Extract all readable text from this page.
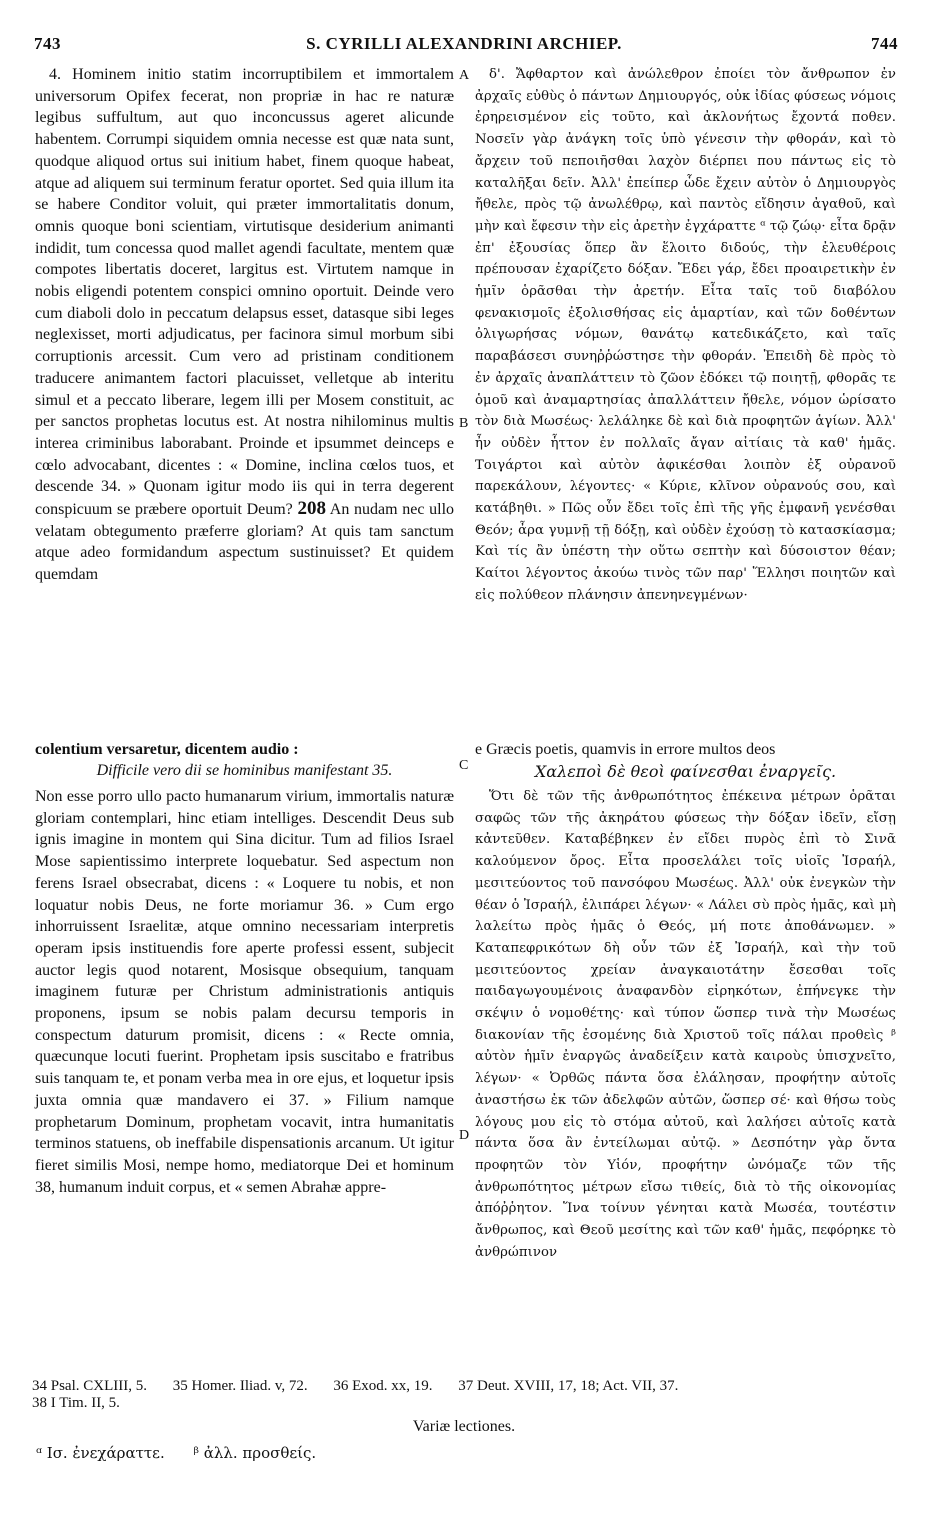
743	S. CYRILLI ALEXANDRINI ARCHIEP.	744
A
B
C
D

4. Hominem initio statim incorruptibilem et immortalem universorum Opifex fecerat, non propriæ in hac re naturæ legibus suffultum, aut quo inconcussus ageret alicunde habentem. Corrumpi siquidem omnia necesse est quæ nata sunt, quodque aliquod ortus sui initium habet, finem quoque habeat, atque ad aliquem sui terminum feratur oportet. Sed quia illum ita se habere Conditor voluit, qui præter immortalitatis donum, omnis quoque boni scientiam, virtutisque desiderium animanti indidit, tum concessa quod mallet agendi facultate, mentem quæ compotes libertatis doceret, largitus est. Virtutem namque in nobis eligendi potentem conspici omnino oportuit. Deinde vero cum diaboli dolo in peccatum delapsus esset, datasque sibi leges neglexisset, morti adjudicatus, per facinora simul morbum sibi corruptionis arcessit. Cum vero ad pristinam conditionem traducere animantem factori placuisset, velletque ab interitu simul et a peccato liberare, legem illi per Mosem constituit, ac per sanctos prophetas locutus est. At nostra nihilominus multis interea criminibus laborabant. Proinde et ipsummet deinceps e cœlo advocabant, dicentes : « Domine, inclina cœlos tuos, et descende 34. » Quonam igitur modo iis qui in terra degerent conspicuum se præbere oportuit Deum? 208 An nudam nec ullo velatam obtegumento præferre gloriam? At quis tam sanctum atque adeo formidandum aspectum sustinuisset? Et quidem quemdam

δ'. Ἄφθαρτον καὶ ἀνώλεθρον ἐποίει τὸν ἄνθρωπον ἐν ἀρχαῖς εὐθὺς ὁ πάντων Δημιουργός, οὐκ ἰδίας φύσεως νόμοις ἐρηρεισμένον εἰς τοῦτο, καὶ ἀκλονήτως ἔχοντά ποθεν. Νοσεῖν γὰρ ἀνάγκη τοῖς ὑπὸ γένεσιν τὴν φθοράν, καὶ τὸ ἄρχειν τοῦ πεποιῆσθαι λαχὸν διέρπει που πάντως εἰς τὸ καταλῆξαι δεῖν. Ἀλλ' ἐπείπερ ὧδε ἔχειν αὐτὸν ὁ Δημιουργὸς ἤθελε, πρὸς τῷ ἀνωλέθρῳ, καὶ παντὸς εἴδησιν ἀγαθοῦ, καὶ μὴν καὶ ἔφεσιν τὴν εἰς ἀρετὴν ἐγχάραττε ᵅ τῷ ζώῳ· εἶτα δρᾷν ἐπ' ἐξουσίας ὅπερ ἂν ἕλοιτο διδούς, τὴν ἐλευθέροις πρέπουσαν ἐχαρίζετο δόξαν. Ἔδει γάρ, ἔδει προαιρετικὴν ἐν ἡμῖν ὁρᾶσθαι τὴν ἀρετήν. Εἶτα ταῖς τοῦ διαβόλου φενακισμοῖς ἐξολισθήσας εἰς ἁμαρτίαν, καὶ τῶν δοθέντων ὀλιγωρήσας νόμων, θανάτῳ κατεδικάζετο, καὶ ταῖς παραβάσεσι συνηῤῥώστησε τὴν φθοράν. Ἐπειδὴ δὲ πρὸς τὸ ἐν ἀρχαῖς ἀναπλάττειν τὸ ζῶον ἐδόκει τῷ ποιητῇ, φθορᾶς τε ὁμοῦ καὶ ἀναμαρτησίας ἀπαλλάττειν ἤθελε, νόμον ὡρίσατο τὸν διὰ Μωσέως· λελάληκε δὲ καὶ διὰ προφητῶν ἁγίων. Ἀλλ' ἦν οὐδὲν ἧττον ἐν πολλαῖς ἄγαν αἰτίαις τὰ καθ' ἡμᾶς. Τοιγάρτοι καὶ αὐτὸν ἀφικέσθαι λοιπὸν ἐξ οὐρανοῦ παρεκάλουν, λέγοντες· « Κύριε, κλῖνον οὐρανούς σου, καὶ κατάβηθι. » Πῶς οὖν ἔδει τοῖς ἐπὶ τῆς γῆς ἐμφανῆ γενέσθαι Θεόν; ἆρα γυμνῇ τῇ δόξῃ, καὶ οὐδὲν ἐχούσῃ τὸ κατασκίασμα; Καὶ τίς ἂν ὑπέστη τὴν οὕτω σεπτὴν καὶ δύσοιστον θέαν; Καίτοι λέγοντος ἀκούω τινὸς τῶν παρ' Ἕλλησι ποιητῶν καὶ εἰς πολύθεον πλάνησιν ἀπενηνεγμένων·

colentium versaretur, dicentem audio :	e Græcis poetis, quamvis in errore multos deos
Difficile vero dii se hominibus manifestant 35.	Χαλεποὶ δὲ θεοὶ φαίνεσθαι ἐναργεῖς.

Non esse porro ullo pacto humanarum virium, immortalis naturæ gloriam contemplari, hinc etiam intelliges. Descendit Deus sub ignis imagine in montem qui Sina dicitur. Tum ad filios Israel Mose sapientissimo interprete loquebatur. Sed aspectum non ferens Israel obsecrabat, dicens : « Loquere tu nobis, et non loquatur nobis Deus, ne forte moriamur 36. » Cum ergo inhorruissent Israelitæ, atque omnino necessariam interpretis operam ipsis instituendis fore aperte professi essent, subjecit auctor legis quod notarent, Mosisque obsequium, tanquam imaginem futuræ per Christum administrationis antiquis proponens, ipsum se nobis palam decursu temporis in conspectum daturum promisit, dicens : « Recte omnia, quæcunque locuti fuerint. Prophetam ipsis suscitabo e fratribus suis tanquam te, et ponam verba mea in ore ejus, et loquetur ipsis juxta omnia quæ mandavero ei 37. » Filium namque prophetarum Dominum, prophetam vocavit, intra humanitatis terminos statuens, ob ineffabile dispensationis arcanum. Ut igitur fieret similis Mosi, nempe homo, mediatorque Dei et hominum 38, humanum induit corpus, et « semen Abrahæ appre-

Ὅτι δὲ τῶν τῆς ἀνθρωπότητος ἐπέκεινα μέτρων ὁρᾶται σαφῶς τῶν τῆς ἀκηράτου φύσεως τὴν δόξαν ἰδεῖν, εἴσῃ κἀντεῦθεν. Καταβέβηκεν ἐν εἴδει πυρὸς ἐπὶ τὸ Σινᾶ καλούμενον ὄρος. Εἶτα προσελάλει τοῖς υἱοῖς Ἰσραήλ, μεσιτεύοντος τοῦ πανσόφου Μωσέως. Ἀλλ' οὐκ ἐνεγκὼν τὴν θέαν ὁ Ἰσραήλ, ἐλιπάρει λέγων· « Λάλει σὺ πρὸς ἡμᾶς, καὶ μὴ λαλείτω πρὸς ἡμᾶς ὁ Θεός, μή ποτε ἀποθάνωμεν. » Καταπεφρικότων δὴ οὖν τῶν ἐξ Ἰσραήλ, καὶ τὴν τοῦ μεσιτεύοντος χρείαν ἀναγκαιοτάτην ἔσεσθαι τοῖς παιδαγωγουμένοις ἀναφανδὸν εἰρηκότων, ἐπήνεγκε τὴν σκέψιν ὁ νομοθέτης· καὶ τύπον ὥσπερ τινὰ τὴν Μωσέως διακονίαν τῆς ἐσομένης διὰ Χριστοῦ τοῖς πάλαι προθεὶς ᵝ αὐτὸν ἡμῖν ἐναργῶς ἀναδείξειν κατὰ καιροὺς ὑπισχνεῖτο, λέγων· « Ὀρθῶς πάντα ὅσα ἐλάλησαν, προφήτην αὐτοῖς ἀναστήσω ἐκ τῶν ἀδελφῶν αὐτῶν, ὥσπερ σέ· καὶ θήσω τοὺς λόγους μου εἰς τὸ στόμα αὐτοῦ, καὶ λαλήσει αὐτοῖς κατὰ πάντα ὅσα ἂν ἐντείλωμαι αὐτῷ. » Δεσπότην γὰρ ὄντα προφητῶν τὸν Υἱόν, προφήτην ὠνόμαζε τῶν τῆς ἀνθρωπότητος μέτρων εἴσω τιθείς, διὰ τὸ τῆς οἰκονομίας ἀπόῤῥητον. Ἵνα τοίνυν γένηται κατὰ Μωσέα, τουτέστιν ἄνθρωπος, καὶ Θεοῦ μεσίτης καὶ τῶν καθ' ἡμᾶς, πεφόρηκε τὸ ἀνθρώπινον

34 Psal. CXLIII, 5. 35 Homer. Iliad. v, 72. 36 Exod. xx, 19. 37 Deut. XVIII, 17, 18; Act. VII, 37.
38 I Tim. II, 5.
Variæ lectiones.
ᵅ Ισ. ἐνεχάραττε. ᵝ ἀλλ. προσθείς.
